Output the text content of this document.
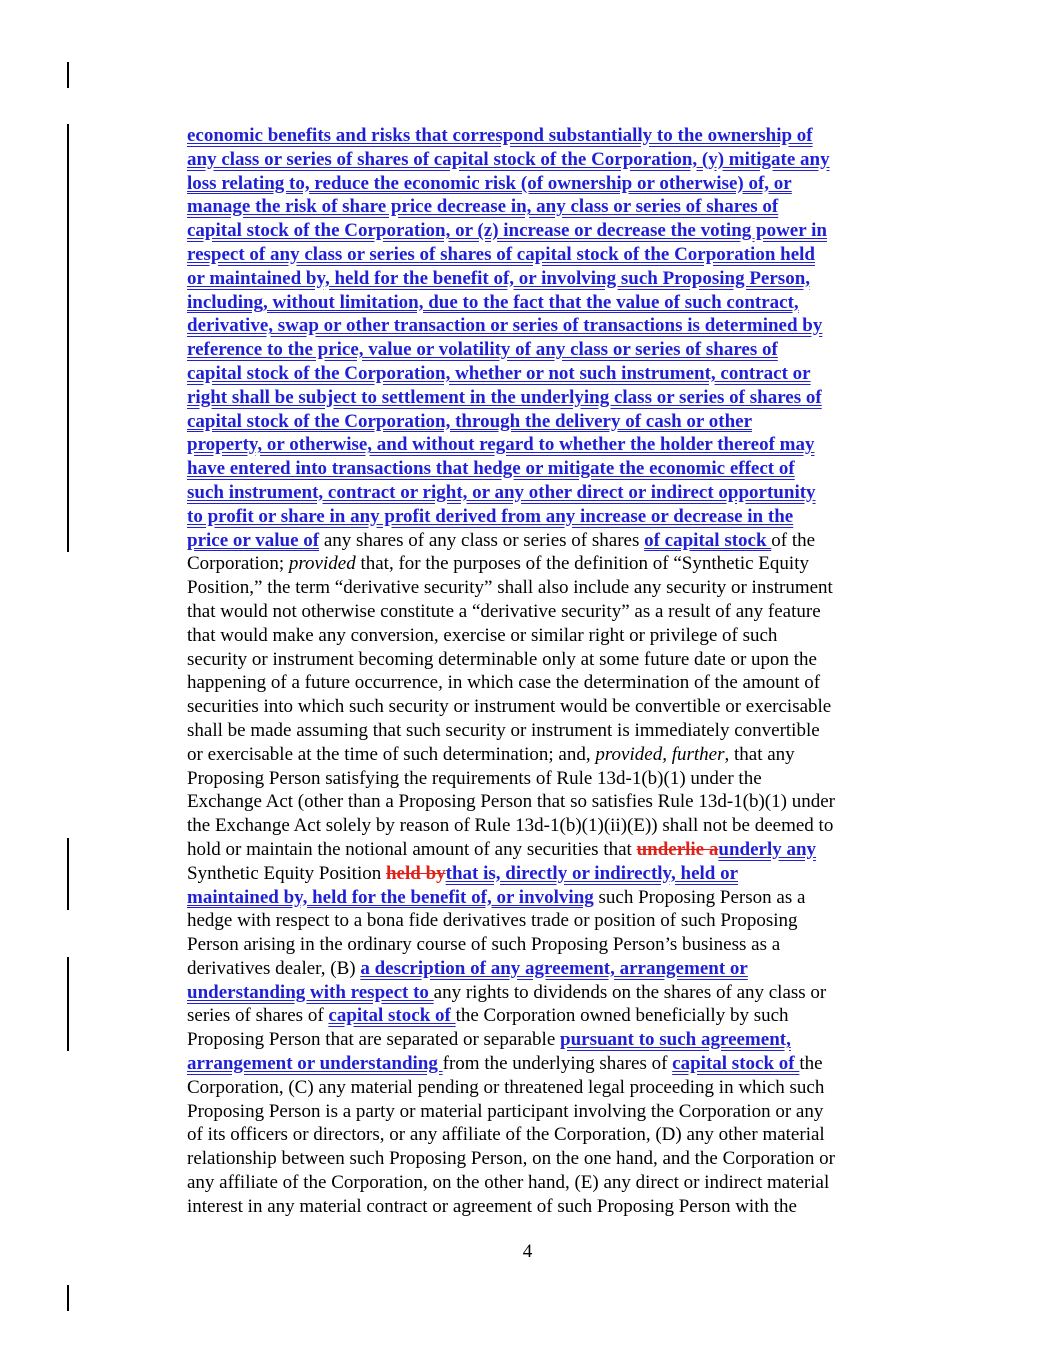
economic benefits and risks that correspond substantially to the ownership of
any class or series of shares of capital stock of the Corporation, (y) mitigate any
loss relating to, reduce the economic risk (of ownership or otherwise) of, or
manage the risk of share price decrease in, any class or series of shares of
capital stock of the Corporation, or (z) increase or decrease the voting power in
respect of any class or series of shares of capital stock of the Corporation held
or maintained by, held for the benefit of, or involving such Proposing Person,
including, without limitation, due to the fact that the value of such contract,
derivative, swap or other transaction or series of transactions is determined by
reference to the price, value or volatility of any class or series of shares of
capital stock of the Corporation, whether or not such instrument, contract or
right shall be subject to settlement in the underlying class or series of shares of
capital stock of the Corporation, through the delivery of cash or other
property, or otherwise, and without regard to whether the holder thereof may
have entered into transactions that hedge or mitigate the economic effect of
such instrument, contract or right, or any other direct or indirect opportunity
to profit or share in any profit derived from any increase or decrease in the
price or value of any shares of any class or series of shares of capital stock of the
Corporation; provided that, for the purposes of the definition of “Synthetic Equity
Position,” the term “derivative security” shall also include any security or instrument
that would not otherwise constitute a “derivative security” as a result of any feature
that would make any conversion, exercise or similar right or privilege of such
security or instrument becoming determinable only at some future date or upon the
happening of a future occurrence, in which case the determination of the amount of
securities into which such security or instrument would be convertible or exercisable
shall be made assuming that such security or instrument is immediately convertible
or exercisable at the time of such determination; and, provided, further, that any
Proposing Person satisfying the requirements of Rule 13d-1(b)(1) under the
Exchange Act (other than a Proposing Person that so satisfies Rule 13d-1(b)(1) under
the Exchange Act solely by reason of Rule 13d-1(b)(1)(ii)(E)) shall not be deemed to
hold or maintain the notional amount of any securities that underlie aunderly any
Synthetic Equity Position held bythat is, directly or indirectly, held or
maintained by, held for the benefit of, or involving such Proposing Person as a
hedge with respect to a bona fide derivatives trade or position of such Proposing
Person arising in the ordinary course of such Proposing Person’s business as a
derivatives dealer, (B) a description of any agreement, arrangement or
understanding with respect to any rights to dividends on the shares of any class or
series of shares of capital stock of the Corporation owned beneficially by such
Proposing Person that are separated or separable pursuant to such agreement,
arrangement or understanding from the underlying shares of capital stock of the
Corporation, (C) any material pending or threatened legal proceeding in which such
Proposing Person is a party or material participant involving the Corporation or any
of its officers or directors, or any affiliate of the Corporation, (D) any other material
relationship between such Proposing Person, on the one hand, and the Corporation or
any affiliate of the Corporation, on the other hand, (E) any direct or indirect material
interest in any material contract or agreement of such Proposing Person with the
4
